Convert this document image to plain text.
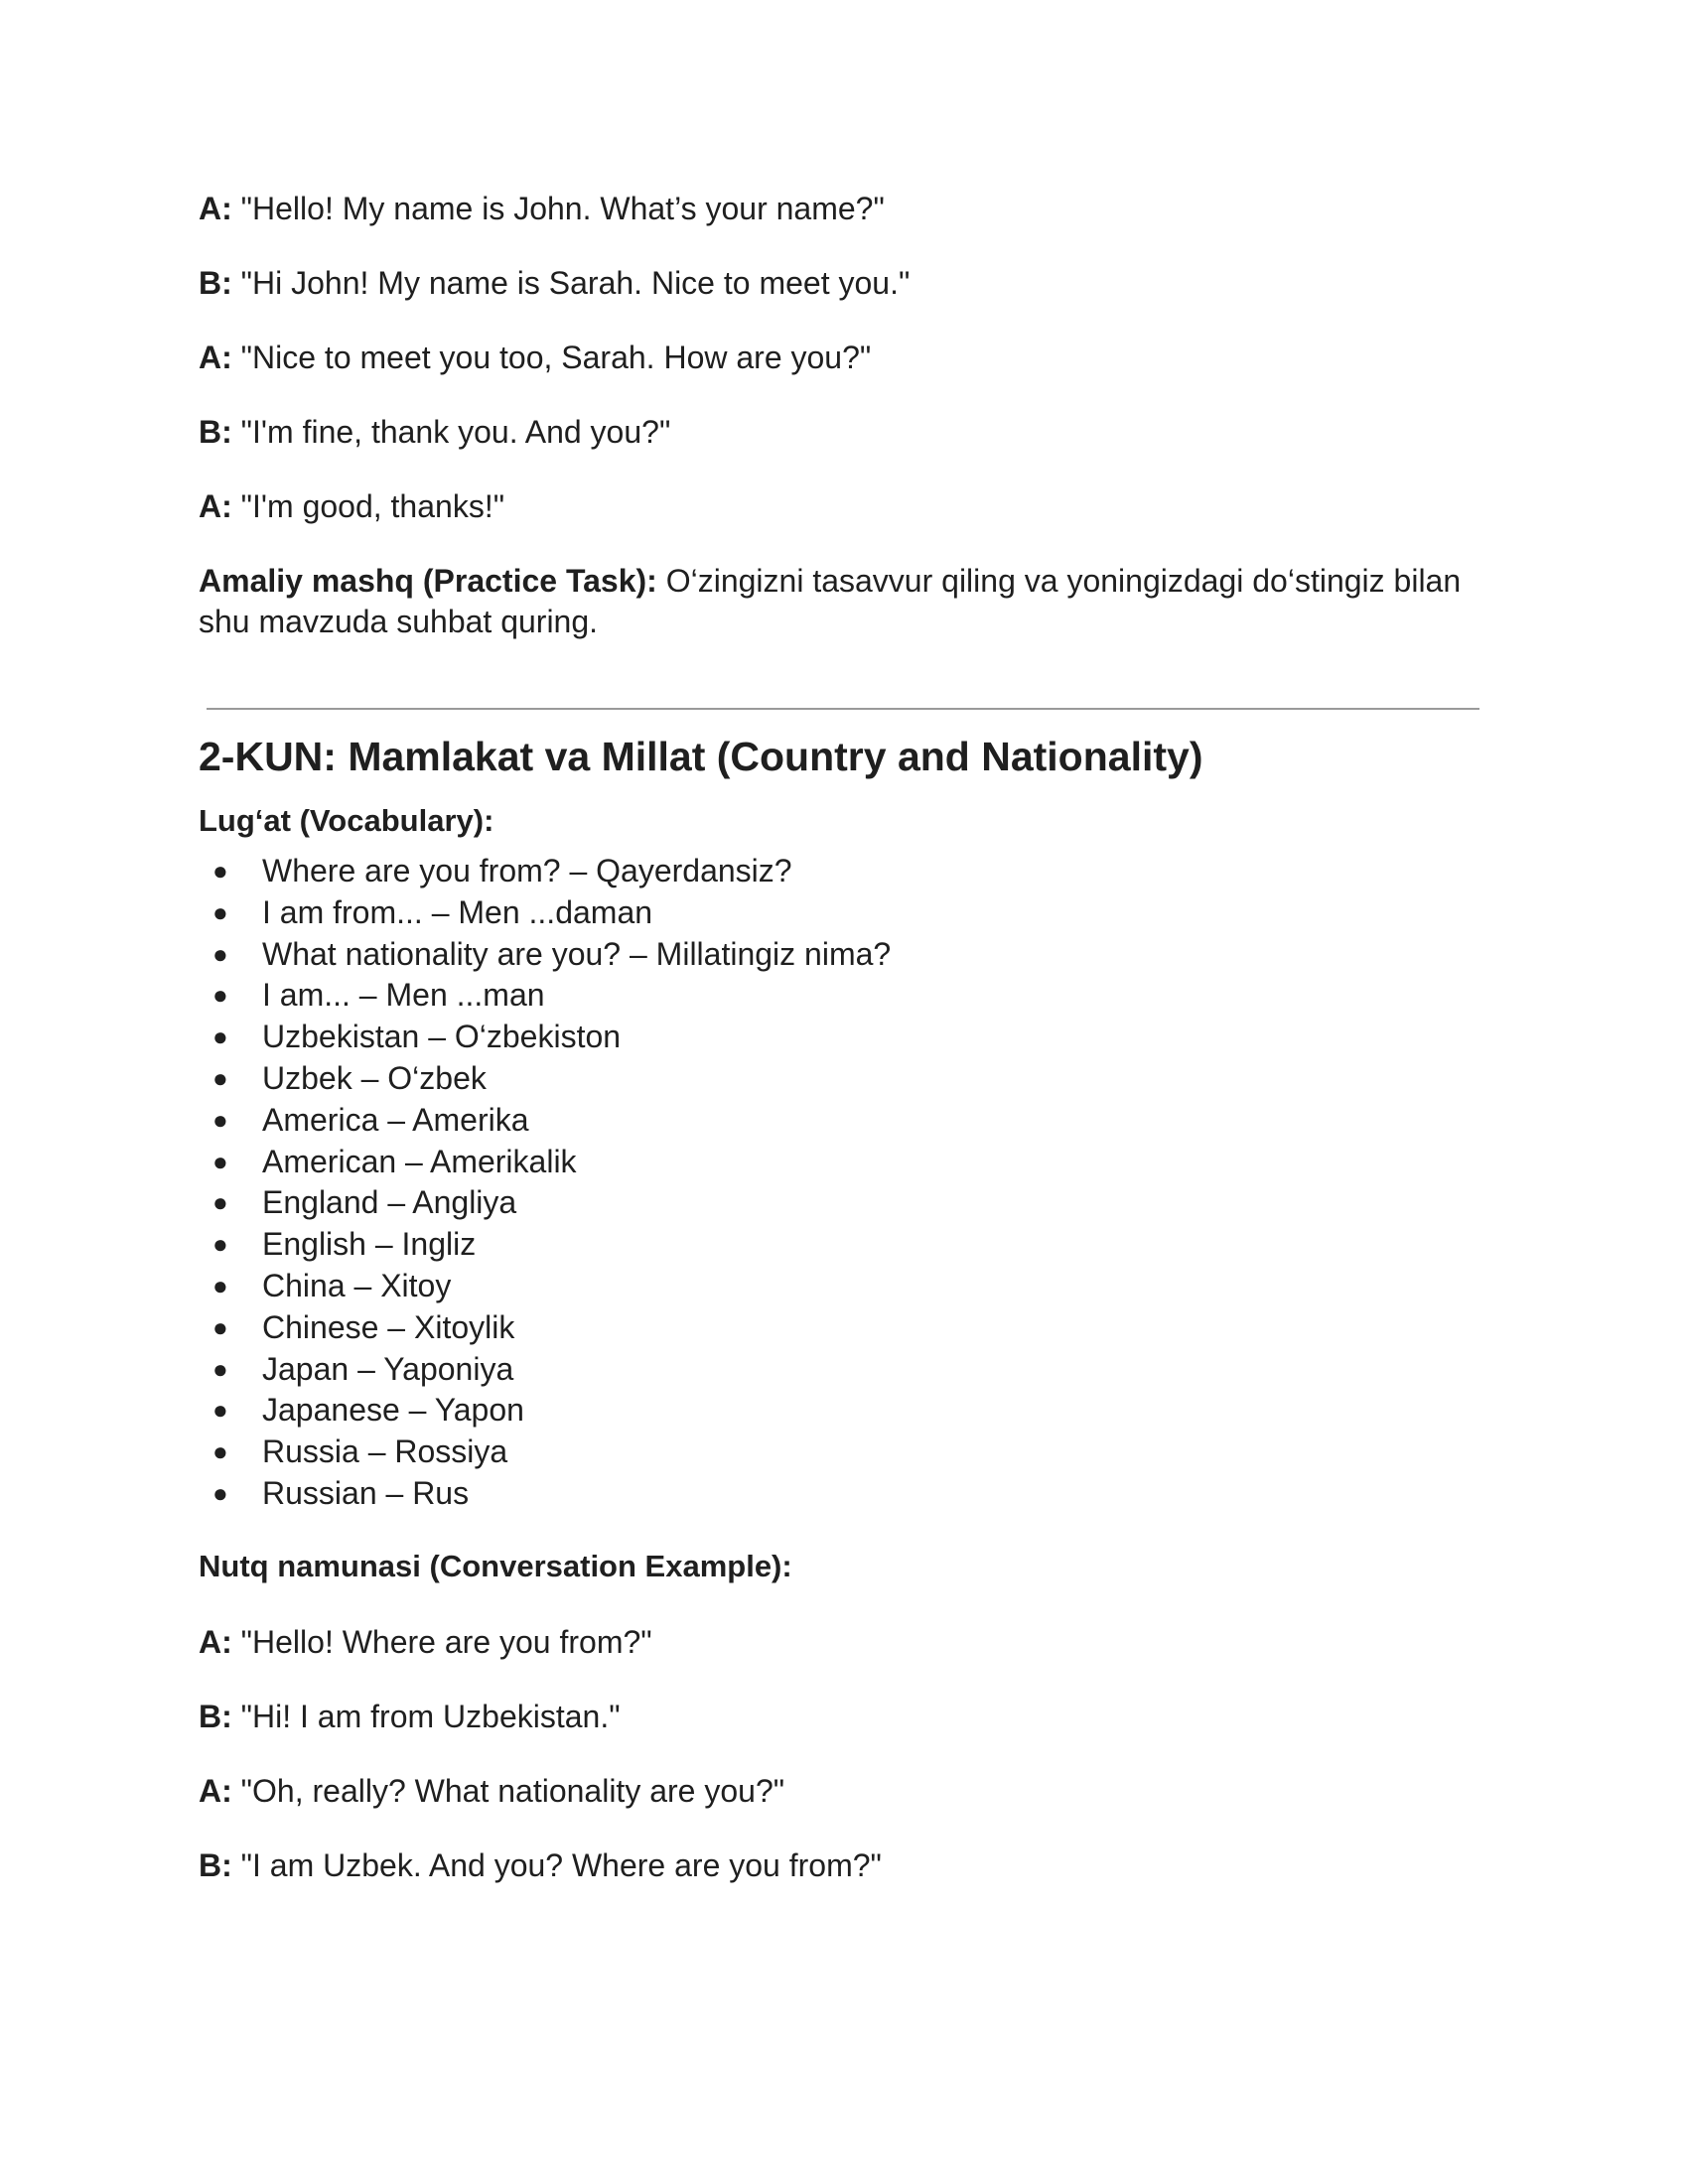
A: "Hello! My name is John. What’s your name?"

B: "Hi John! My name is Sarah. Nice to meet you."

A: "Nice to meet you too, Sarah. How are you?"

B: "I'm fine, thank you. And you?"

A: "I'm good, thanks!"

Amaliy mashq (Practice Task): O‘zingizni tasavvur qiling va yoningizdagi do‘stingiz bilan shu mavzuda suhbat quring.

2-KUN: Mamlakat va Millat (Country and Nationality)
Lug‘at (Vocabulary):
● Where are you from? – Qayerdansiz?
● I am from... – Men ...daman
● What nationality are you? – Millatingiz nima?
● I am... – Men ...man
● Uzbekistan – O‘zbekiston
● Uzbek – O‘zbek
● America – Amerika
● American – Amerikalik
● England – Angliya
● English – Ingliz
● China – Xitoy
● Chinese – Xitoylik
● Japan – Yaponiya
● Japanese – Yapon
● Russia – Rossiya
● Russian – Rus
Nutq namunasi (Conversation Example):

A: "Hello! Where are you from?"

B: "Hi! I am from Uzbekistan."

A: "Oh, really? What nationality are you?"

B: "I am Uzbek. And you? Where are you from?"
